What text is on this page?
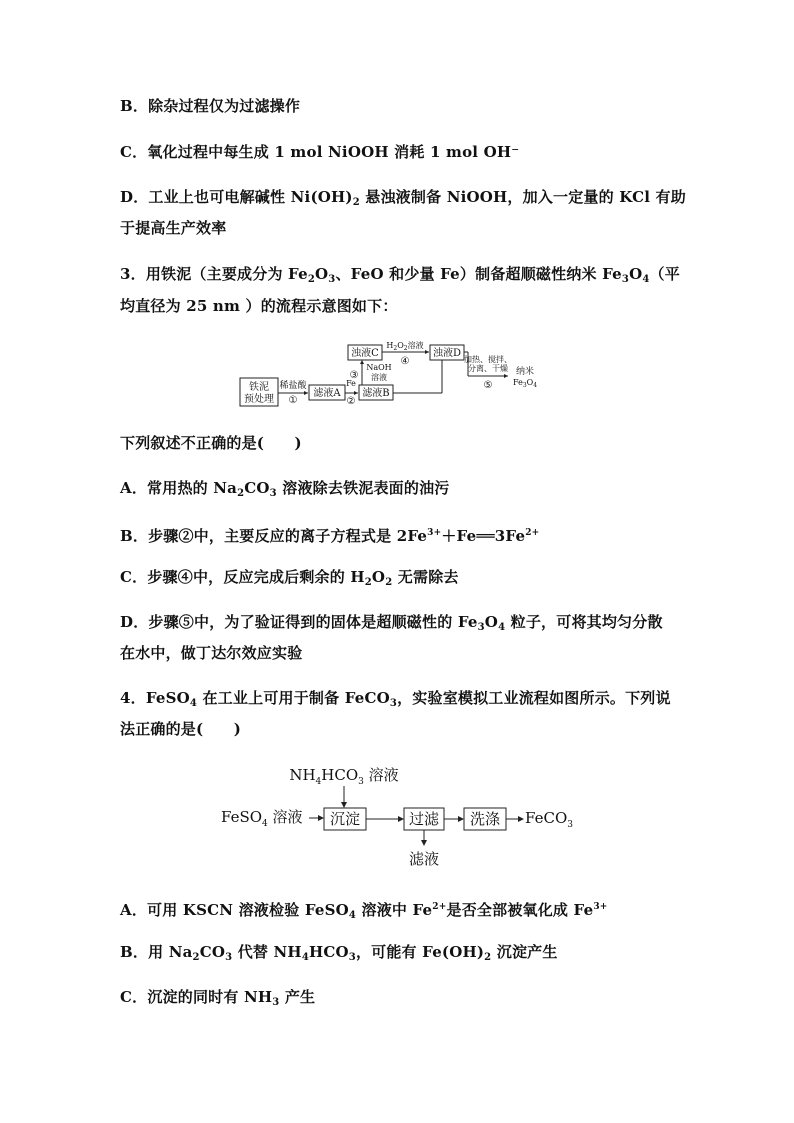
B．除杂过程仅为过滤操作
C．氧化过程中每生成 1 mol NiOOH 消耗 1 mol OH⁻
D．工业上也可电解碱性 $Ni(OH)_2$ 悬浊液制备 NiOOH，加入一定量的 KCl 有助
于提高生产效率
3．用铁泥（主要成分为 $Fe_2O_3$、FeO 和少量 Fe）制备超顺磁性纳米 $Fe_3O_4$（平
均直径为 25 nm ）的流程示意图如下：
铁泥
预处理
稀盐酸
①
滤液A
Fe
②
滤液B
③
NaOH
溶液
浊液C
$H_2O_2$溶液
④
浊液D
加热、搅拌、
分离、干燥
⑤
纳米
$Fe_3O_4$
下列叙述不正确的是(　　)
A．常用热的 $Na_2CO_3$ 溶液除去铁泥表面的油污
B．步骤②中，主要反应的离子方程式是 $2Fe^{3+}+Fe══3Fe^{2+}$
C．步骤④中，反应完成后剩余的 $H_2O_2$ 无需除去
D．步骤⑤中，为了验证得到的固体是超顺磁性的 $Fe_3O_4$ 粒子，可将其均匀分散
在水中，做丁达尔效应实验
4．FeSO$_4$ 在工业上可用于制备 FeCO$_3$，实验室模拟工业流程如图所示。下列说
法正确的是(　　)
$NH_4HCO_3$ 溶液
FeSO$_4$ 溶液 沉淀	过滤 洗涤 FeCO$_3$
滤液
A．可用 KSCN 溶液检验 FeSO$_4$ 溶液中 $Fe^{2+}$是否全部被氧化成 $Fe^{3+}$
B．用 $Na_2CO_3$ 代替 $NH_4HCO_3$，可能有 $Fe(OH)_2$ 沉淀产生
C．沉淀的同时有 $NH_3$ 产生
